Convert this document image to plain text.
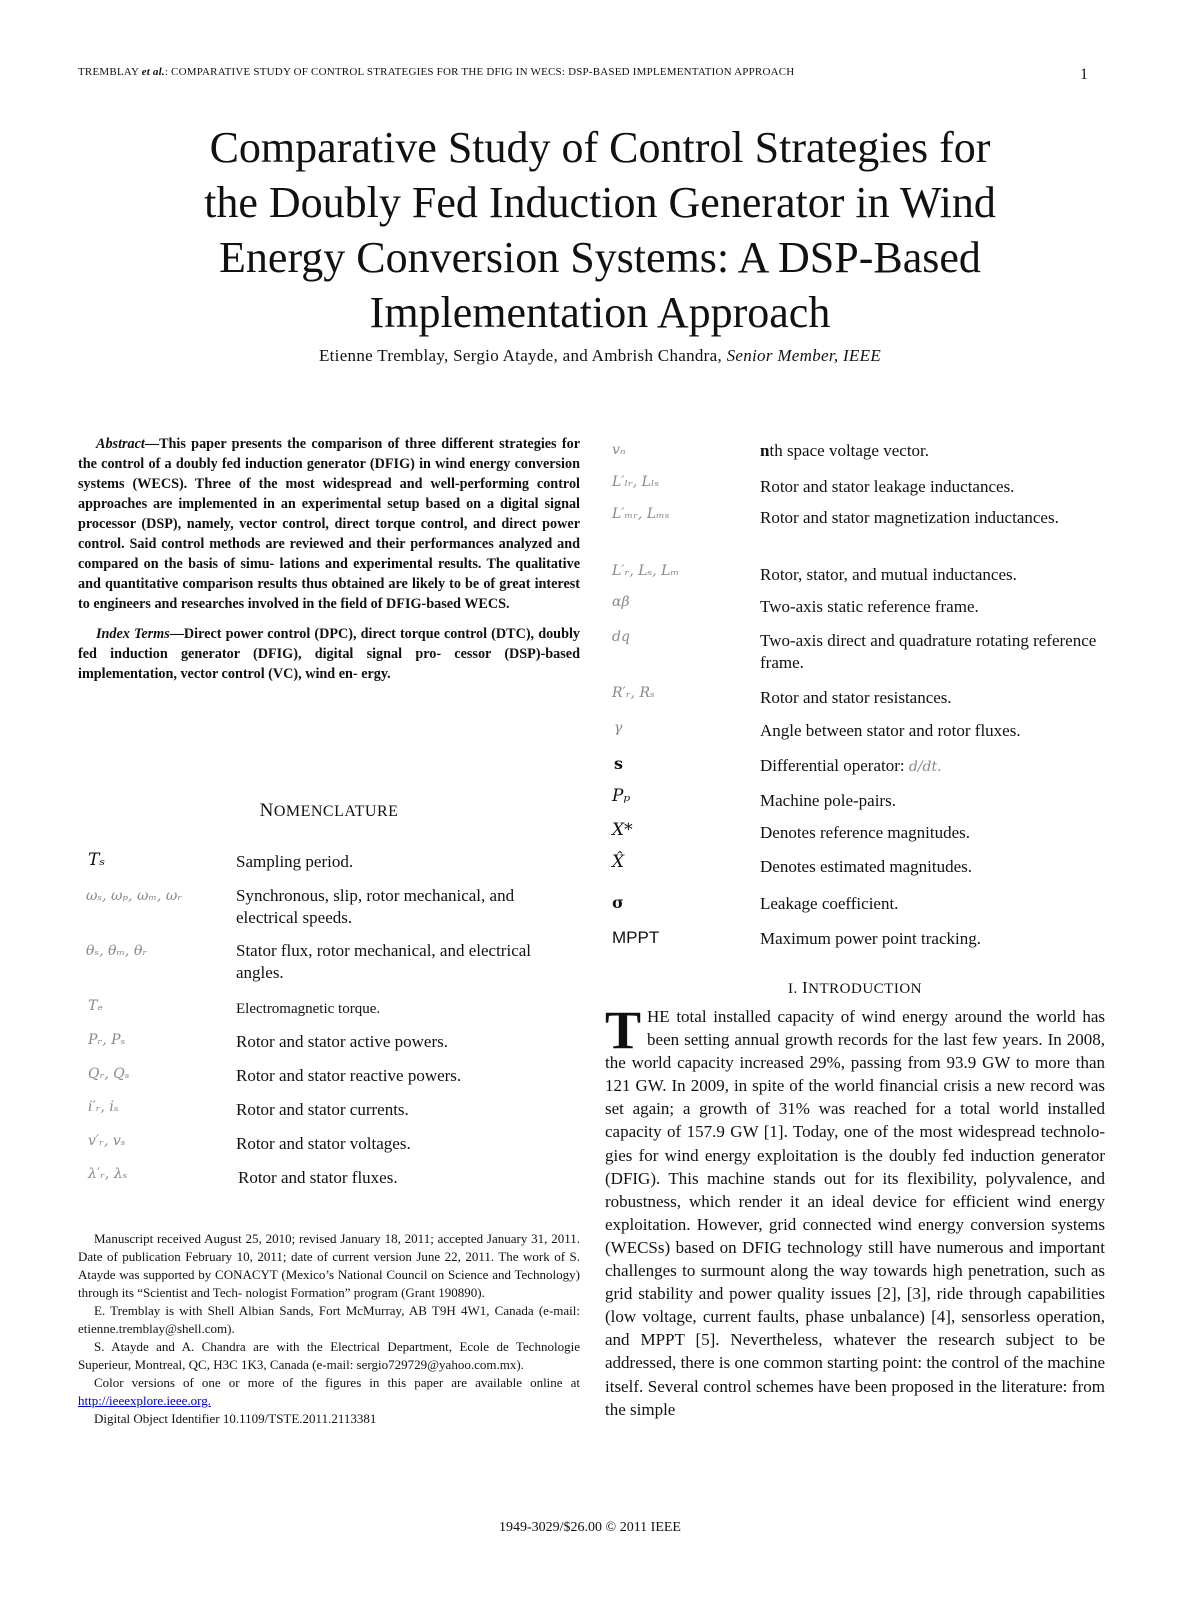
TREMBLAY et al.: COMPARATIVE STUDY OF CONTROL STRATEGIES FOR THE DFIG IN WECS: DSP-BASED IMPLEMENTATION APPROACH	1
Comparative Study of Control Strategies for
the Doubly Fed Induction Generator in Wind
Energy Conversion Systems: A DSP-Based
Implementation Approach
Etienne Tremblay, Sergio Atayde, and Ambrish Chandra, Senior Member, IEEE

Abstract—This paper presents the comparison of three different strategies for the control of a doubly fed induction generator (DFIG) in wind energy conversion systems (WECS). Three of the most widespread and well-performing control approaches are implemented in an experimental setup based on a digital signal processor (DSP), namely, vector control, direct torque control, and direct power control. Said control methods are reviewed and their performances analyzed and compared on the basis of simu- lations and experimental results. The qualitative and quantitative comparison results thus obtained are likely to be of great interest to engineers and researches involved in the field of DFIG-based WECS.

Index Terms—Direct power control (DPC), direct torque control (DTC), doubly fed induction generator (DFIG), digital signal pro- cessor (DSP)-based implementation, vector control (VC), wind en- ergy.

NOMENCLATURE
Tₛ	Sampling period.
ωₛ, ωₚ, ωₘ, ωᵣ	Synchronous, slip, rotor mechanical, and electrical speeds.
θₛ, θₘ, θᵣ	Stator flux, rotor mechanical, and electrical angles.
Tₑ	Electromagnetic torque.
Pᵣ, Pₛ	Rotor and stator active powers.
Qᵣ, Qₛ	Rotor and stator reactive powers.
i′ᵣ, iₛ	Rotor and stator currents.
v′ᵣ, vₛ	Rotor and stator voltages.
λ′ᵣ, λₛ	Rotor and stator fluxes.
vₙ	nth space voltage vector.
L′ₗᵣ, Lₗₛ	Rotor and stator leakage inductances.
L′ₘᵣ, Lₘₛ	Rotor and stator magnetization inductances.
L′ᵣ, Lₛ, Lₘ	Rotor, stator, and mutual inductances.
αβ	Two-axis static reference frame.
dq	Two-axis direct and quadrature rotating reference frame.
R′ᵣ, Rₛ	Rotor and stator resistances.
γ	Angle between stator and rotor fluxes.
s	Differential operator: d/dt.
Pₚ	Machine pole-pairs.
X*	Denotes reference magnitudes.
X̂	Denotes estimated magnitudes.
σ	Leakage coefficient.
MPPT	Maximum power point tracking.

Manuscript received August 25, 2010; revised January 18, 2011; accepted January 31, 2011. Date of publication February 10, 2011; date of current version June 22, 2011. The work of S. Atayde was supported by CONACYT (Mexico’s National Council on Science and Technology) through its “Scientist and Tech- nologist Formation” program (Grant 190890).

E. Tremblay is with Shell Albian Sands, Fort McMurray, AB T9H 4W1, Canada (e-mail: etienne.tremblay@shell.com).

S. Atayde and A. Chandra are with the Electrical Department, Ecole de Technologie Superieur, Montreal, QC, H3C 1K3, Canada (e-mail: sergio729729@yahoo.com.mx).

Color versions of one or more of the figures in this paper are available online at http://ieeexplore.ieee.org.

Digital Object Identifier 10.1109/TSTE.2011.2113381

I. INTRODUCTION
THE total installed capacity of wind energy around the world has been setting annual growth records for the last few years. In 2008, the world capacity increased 29%, passing from 93.9 GW to more than 121 GW. In 2009, in spite of the world financial crisis a new record was set again; a growth of 31% was reached for a total world installed capacity of 157.9 GW [1]. Today, one of the most widespread technolo- gies for wind energy exploitation is the doubly fed induction generator (DFIG). This machine stands out for its flexibility, polyvalence, and robustness, which render it an ideal device for efficient wind energy exploitation. However, grid connected wind energy conversion systems (WECSs) based on DFIG technology still have numerous and important challenges to surmount along the way towards high penetration, such as grid stability and power quality issues [2], [3], ride through capabilities (low voltage, current faults, phase unbalance) [4], sensorless operation, and MPPT [5]. Nevertheless, whatever the research subject to be addressed, there is one common starting point: the control of the machine itself. Several control schemes have been proposed in the literature: from the simple
1949-3029/$26.00 © 2011 IEEE
